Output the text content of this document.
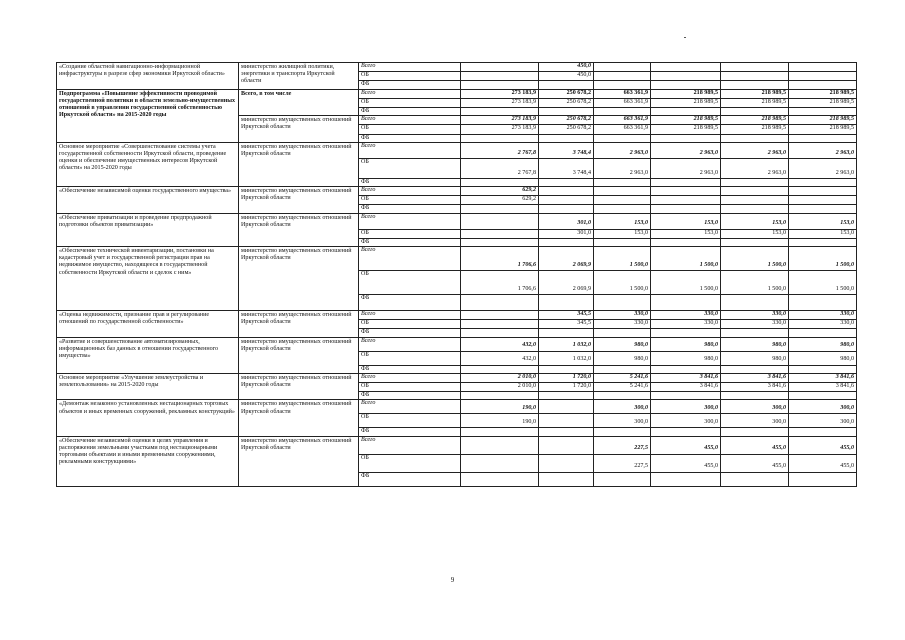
«Создание областной навигационно-информационной инфраструктуры в разрезе сфер экономики Иркутской области»	министерство жилищной политики, энергетики и транспорта Иркутской области	Всего		450,0				
		ОБ		450,0				
		ФБ						
Подпрограмма «Повышение эффективности проводимой государственной политики в области земельно-имущественных отношений в управлении государственной собственностью Иркутской области» на 2015-2020 годы	Всего, в том числе	Всего	273 183,9	250 678,2	663 361,9	218 989,5	218 989,5	218 989,5
		ОБ	273 183,9	250 678,2	663 361,9	218 989,5	218 989,5	218 989,5
		ФБ						
	министерство имущественных отношений Иркутской области	Всего	273 183,9	250 678,2	663 361,9	218 989,5	218 989,5	218 989,5
		ОБ	273 183,9	250 678,2	663 361,9	218 989,5	218 989,5	218 989,5
		ФБ						
Основное мероприятие «Совершенствование системы учета государственной собственности Иркутской области, проведение оценки и обеспечение имущественных интересов Иркутской области» на 2015-2020 годы	министерство имущественных отношений Иркутской области	Всего	2 767,8	3 748,4	2 963,0	2 963,0	2 963,0	2 963,0
		ОБ	2 767,8	3 748,4	2 963,0	2 963,0	2 963,0	2 963,0
		ФБ						
«Обеспечение независимой оценки государственного имущества»	министерство имущественных отношений Иркутской области	Всего	629,2					
		ОБ	629,2					
		ФБ						
«Обеспечение приватизации и проведение предпродажной подготовки объектов приватизации»	министерство имущественных отношений Иркутской области	Всего		301,0	153,0	153,0	153,0	153,0
		ОБ		301,0	153,0	153,0	153,0	153,0
		ФБ						
«Обеспечение технической инвентаризации, постановки на кадастровый учет и государственной регистрации прав на недвижимое имущество, находящееся в государственной собственности Иркутской области и сделок с ним»	министерство имущественных отношений Иркутской области	Всего	1 706,6	2 069,9	1 500,0	1 500,0	1 500,0	1 500,0
		ОБ	1 706,6	2 069,9	1 500,0	1 500,0	1 500,0	1 500,0
		ФБ						
«Оценка недвижимости, признание прав и регулирование отношений по государственной собственности»	министерство имущественных отношений Иркутской области	Всего		345,5	330,0	330,0	330,0	330,0
		ОБ		345,5	330,0	330,0	330,0	330,0
		ФБ						
«Развитие и совершенствование автоматизированных, информационных баз данных в отношении государственного имущества»	министерство имущественных отношений Иркутской области	Всего	432,0	1 032,0	980,0	980,0	980,0	980,0
		ОБ	432,0	1 032,0	980,0	980,0	980,0	980,0
		ФБ						
Основное мероприятие «Улучшение землеустройства и землепользования» на 2015-2020 годы	министерство имущественных отношений Иркутской области	Всего	2 010,0	1 720,0	5 241,6	3 841,6	3 841,6	3 841,6
		ОБ	2 010,0	1 720,0	5 241,6	3 841,6	3 841,6	3 841,6
		ФБ						
«Демонтаж незаконно установленных нестационарных торговых объектов и иных временных сооружений, рекламных конструкций»	министерство имущественных отношений Иркутской области	Всего	190,0		300,0	300,0	300,0	300,0
		ОБ	190,0		300,0	300,0	300,0	300,0
		ФБ						
«Обеспечение независимой оценки в целях управления и распоряжения земельными участками под нестационарными торговыми объектами и иными временными сооружениями, рекламными конструкциями»	министерство имущественных отношений Иркутской области	Всего			227,5	455,0	455,0	455,0
		ОБ			227,5	455,0	455,0	455,0
		ФБ						
9
